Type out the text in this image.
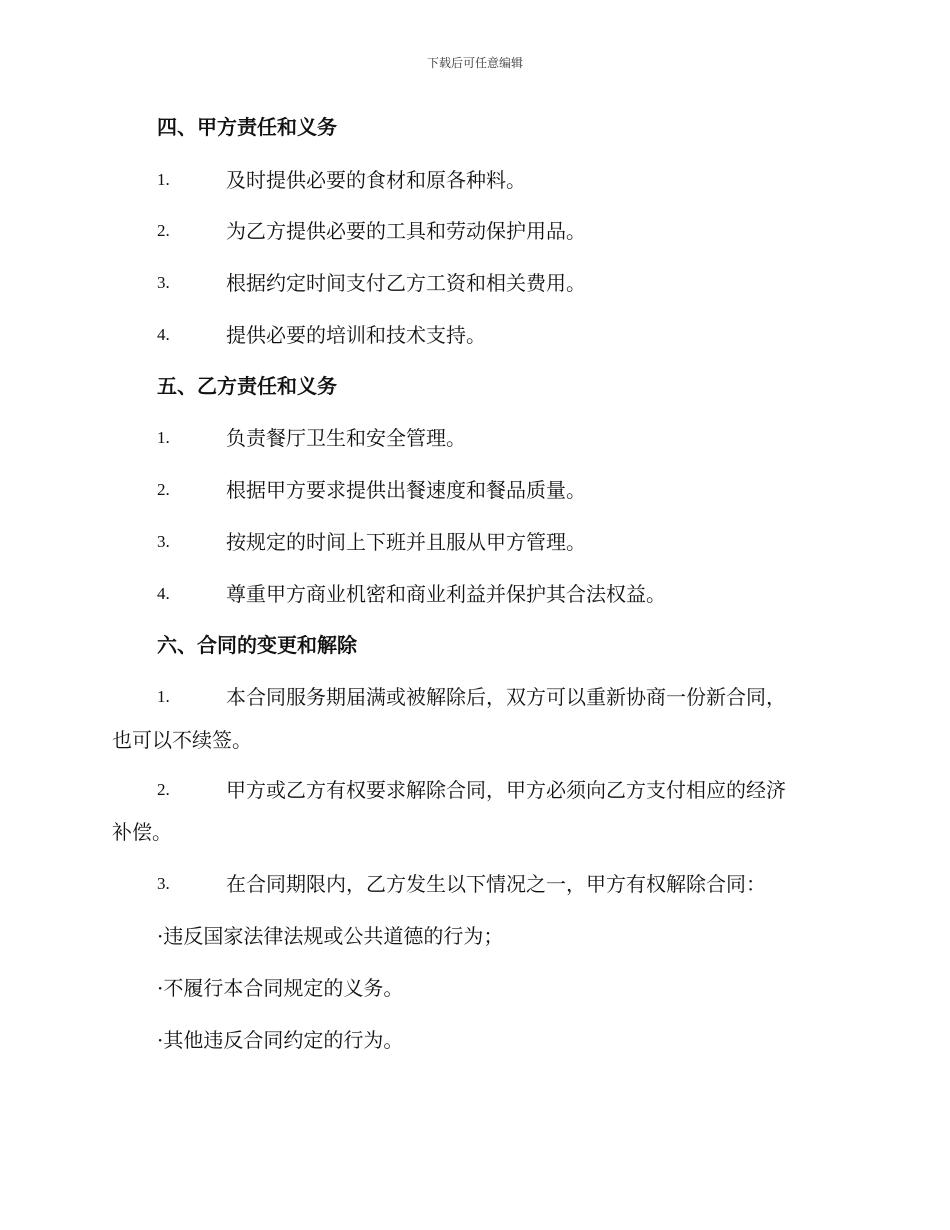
下载后可任意编辑
四、甲方责任和义务
1.	及时提供必要的食材和原各种料。
2.	为乙方提供必要的工具和劳动保护用品。
3.	根据约定时间支付乙方工资和相关费用。
4.	提供必要的培训和技术支持。
五、乙方责任和义务
1.	负责餐厅卫生和安全管理。
2.	根据甲方要求提供出餐速度和餐品质量。
3.	按规定的时间上下班并且服从甲方管理。
4.	尊重甲方商业机密和商业利益并保护其合法权益。
六、合同的变更和解除
1.	本合同服务期届满或被解除后，双方可以重新协商一份新合同，
也可以不续签。
2.	甲方或乙方有权要求解除合同，甲方必须向乙方支付相应的经济
补偿。
3.	在合同期限内，乙方发生以下情况之一，甲方有权解除合同：
·违反国家法律法规或公共道德的行为；
·不履行本合同规定的义务。
·其他违反合同约定的行为。
